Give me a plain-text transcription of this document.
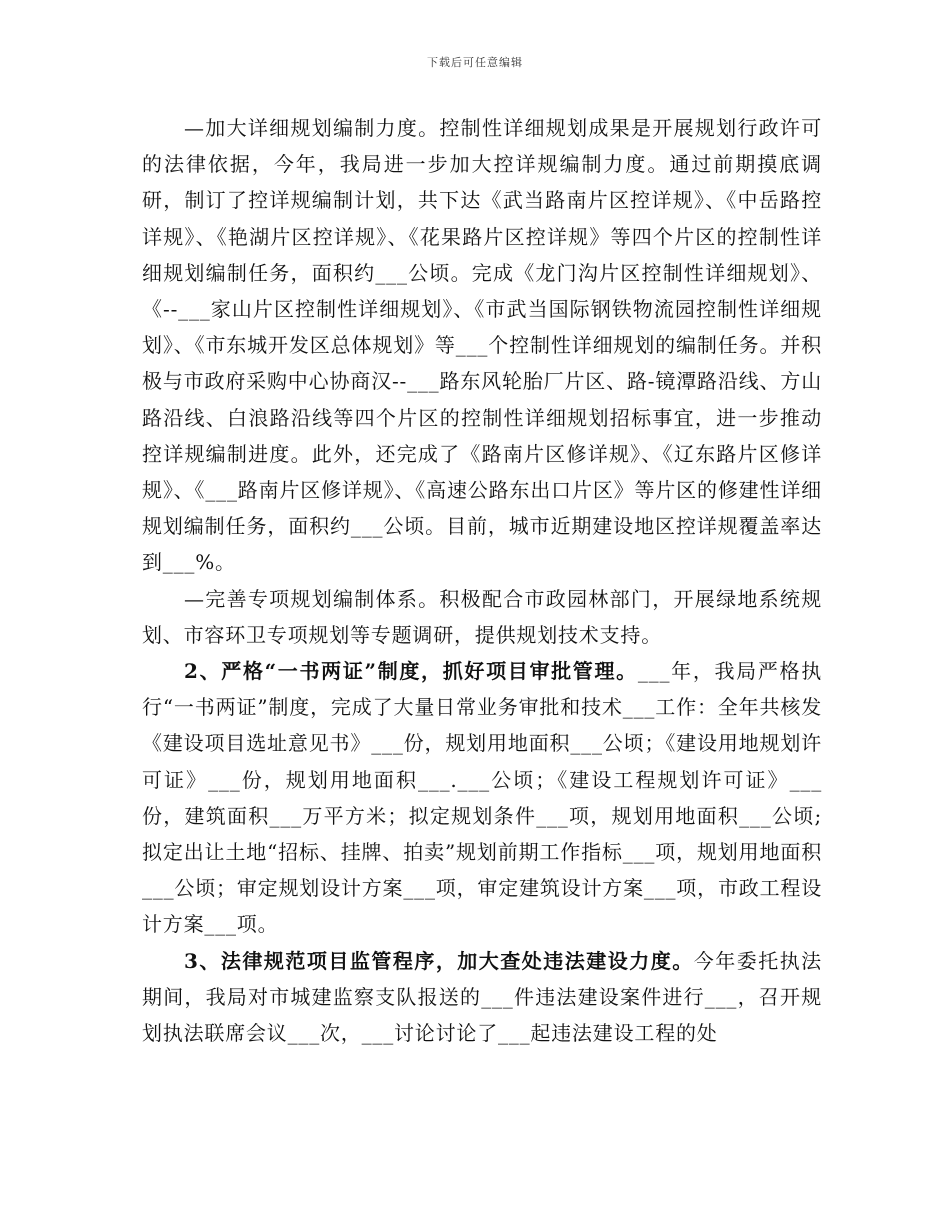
下载后可任意编辑

—加大详细规划编制力度。控制性详细规划成果是开展规划行政许可的法律依据，今年，我局进一步加大控详规编制力度。通过前期摸底调研，制订了控详规编制计划，共下达《武当路南片区控详规》、《中岳路控详规》、《艳湖片区控详规》、《花果路片区控详规》等四个片区的控制性详细规划编制任务，面积约___公顷。完成《龙门沟片区控制性详细规划》、《--___家山片区控制性详细规划》、《市武当国际钢铁物流园控制性详细规划》、《市东城开发区总体规划》等___个控制性详细规划的编制任务。并积极与市政府采购中心协商汉--___路东风轮胎厂片区、路-镜潭路沿线、方山路沿线、白浪路沿线等四个片区的控制性详细规划招标事宜，进一步推动控详规编制进度。此外，还完成了《路南片区修详规》、《辽东路片区修详规》、《___路南片区修详规》、《高速公路东出口片区》等片区的修建性详细规划编制任务，面积约___公顷。目前，城市近期建设地区控详规覆盖率达到___%。

—完善专项规划编制体系。积极配合市政园林部门，开展绿地系统规划、市容环卫专项规划等专题调研，提供规划技术支持。

2、严格“一书两证”制度，抓好项目审批管理。___年，我局严格执行“一书两证”制度，完成了大量日常业务审批和技术___工作：全年共核发《建设项目选址意见书》___份，规划用地面积___公顷；《建设用地规划许可证》___份，规划用地面积___.___公顷；《建设工程规划许可证》___份，建筑面积___万平方米；拟定规划条件___项，规划用地面积___公顷;拟定出让土地“招标、挂牌、拍卖”规划前期工作指标___项，规划用地面积___公顷；审定规划设计方案___项，审定建筑设计方案___项，市政工程设计方案___项。

3、法律规范项目监管程序，加大查处违法建设力度。今年委托执法期间，我局对市城建监察支队报送的___件违法建设案件进行___，召开规划执法联席会议___次，___讨论讨论了___起违法建设工程的处
